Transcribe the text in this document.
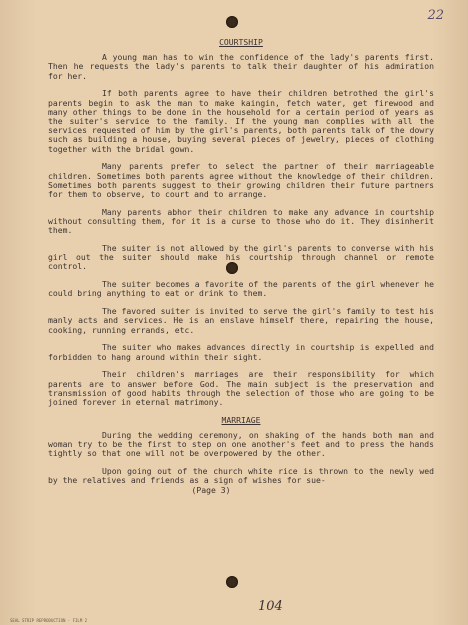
22
COURTSHIP

A young man has to win the confidence of the lady's parents first. Then he requests the lady's parents to talk their daughter of his admiration for her.

If both parents agree to have their children betrothed the girl's parents begin to ask the man to make kaingin, fetch water, get firewood and many other things to be done in the household for a certain period of years as the suiter's service to the family. If the young man complies with all the services requested of him by the girl's parents, both parents talk of the dowry such as building a house, buying several pieces of jewelry, pieces of clothing together with the bridal gown.

Many parents prefer to select the partner of their marriageable children. Sometimes both parents agree without the knowledge of their children. Sometimes both parents suggest to their growing children their future partners for them to observe, to court and to arrange.

Many parents abhor their children to make any advance in courtship without consulting them, for it is a curse to those who do it. They disinherit them.

The suiter is not allowed by the girl's parents to converse with his girl out the suiter should make his courtship through channel or remote control.

The suiter becomes a favorite of the parents of the girl whenever he could bring anything to eat or drink to them.

The favored suiter is invited to serve the girl's family to test his manly acts and services. He is an enslave himself there, repairing the house, cooking, running errands, etc.

The suiter who makes advances directly in courtship is expelled and forbidden to hang around within their sight.

Their children's marriages are their responsibility for which parents are to answer before God. The main subject is the preservation and transmission of good habits through the selection of those who are going to be joined forever in eternal matrimony.

MARRIAGE

During the wedding ceremony, on shaking of the hands both man and woman try to be the first to step on one another's feet and to press the hands tightly so that one will not be overpowered by the other.

Upon going out of the church white rice is thrown to the newly wed by the relatives and friends as a sign of wishes for sue-

(Page 3)
104
SEAL STRIP REPRODUCTION · FILM 2
